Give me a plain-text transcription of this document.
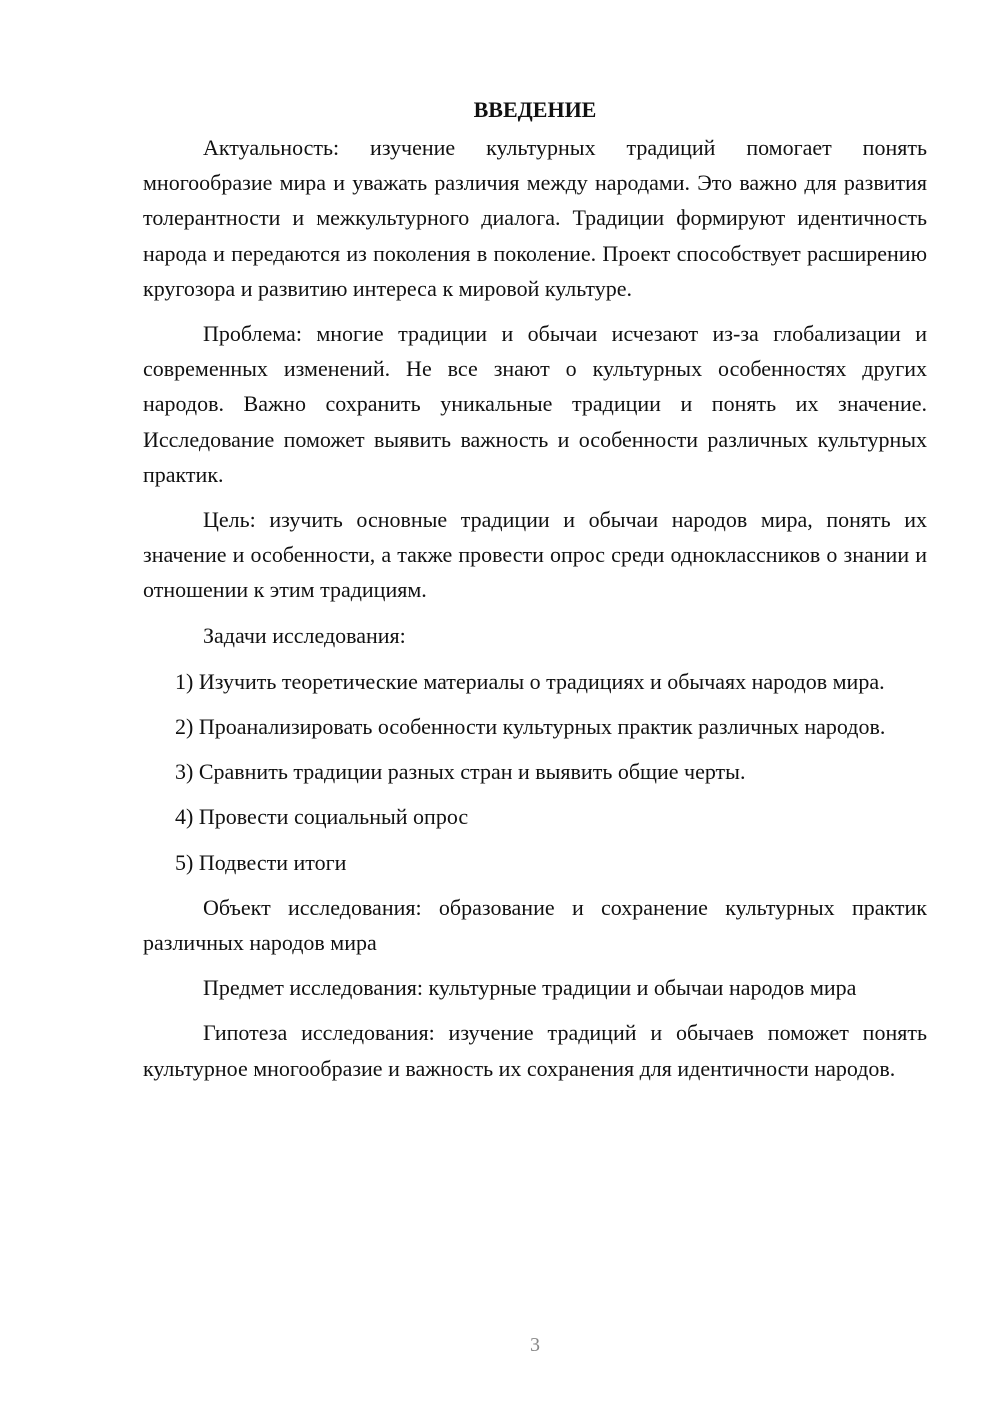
ВВЕДЕНИЕ

Актуальность: изучение культурных традиций помогает понять многообразие мира и уважать различия между народами. Это важно для развития толерантности и межкультурного диалога. Традиции формируют идентичность народа и передаются из поколения в поколение. Проект способствует расширению кругозора и развитию интереса к мировой культуре.

Проблема: многие традиции и обычаи исчезают из-за глобализации и современных изменений. Не все знают о культурных особенностях других народов. Важно сохранить уникальные традиции и понять их значение. Исследование поможет выявить важность и особенности различных культурных практик.

Цель: изучить основные традиции и обычаи народов мира, понять их значение и особенности, а также провести опрос среди одноклассников о знании и отношении к этим традициям.

Задачи исследования:

1) Изучить теоретические материалы о традициях и обычаях народов мира.

2) Проанализировать особенности культурных практик различных народов.

3) Сравнить традиции разных стран и выявить общие черты.

4) Провести социальный опрос

5) Подвести итоги

Объект исследования: образование и сохранение культурных практик различных народов мира

Предмет исследования: культурные традиции и обычаи народов мира

Гипотеза исследования: изучение традиций и обычаев поможет понять культурное многообразие и важность их сохранения для идентичности народов.

3
